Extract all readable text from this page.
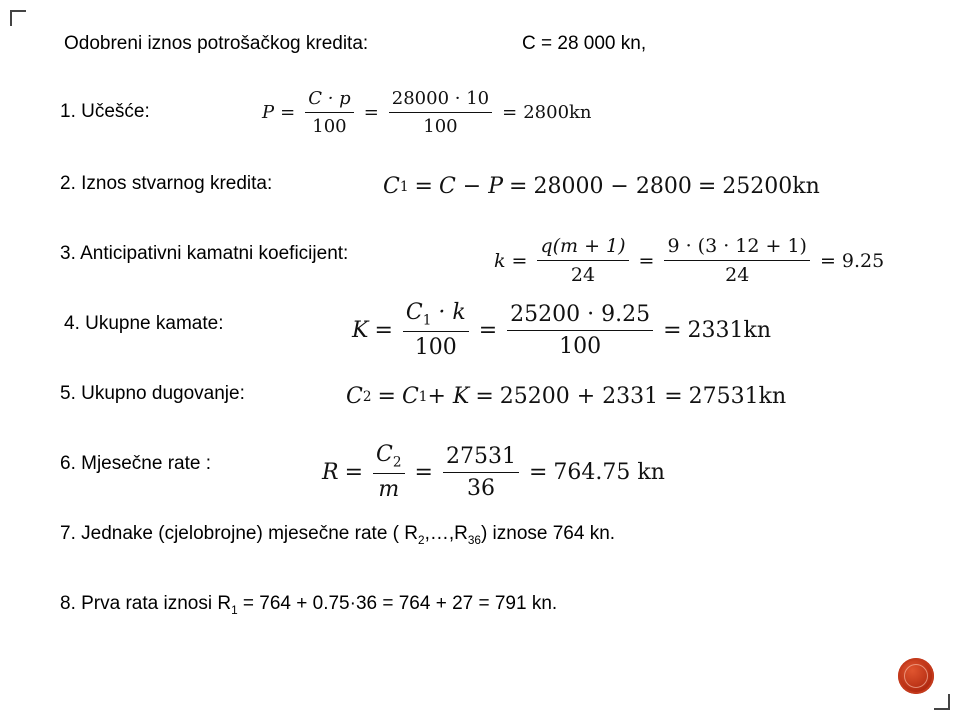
Odobreni iznos potrošačkog kredita:	C = 28 000 kn,
1. Učešće:
2. Iznos stvarnog kredita:
3. Anticipativni kamatni koeficijent:
4. Ukupne kamate:
5. Ukupno dugovanje:
6. Mjesečne rate :
$P = \frac{C \cdot p}{100} = \frac{28000 \cdot 10}{100} = 2800kn$
C 1 = C − P = 28000 − 2800 = 25200kn
$k = \frac{q(m + 1)}{24} = \frac{9 \cdot (3 \cdot 12 + 1)}{24} = 9.25$
$K = \frac{C_1 \cdot k}{100} = \frac{25200 \cdot 9.25}{100} = 2331kn$
C 2 = C 1 + K = 25200 + 2331 = 27531kn
$R = \frac{C_2}{m} = \frac{27531}{36} = 764.75$ kn
7. Jednake (cjelobrojne) mjesečne rate ( $R_2,\dots,R_{36}$) iznose 764 kn.
8. Prva rata iznosi $R_1 = 764 + 0.75\cdot 36 = 764 + 27 = 791$ kn.
